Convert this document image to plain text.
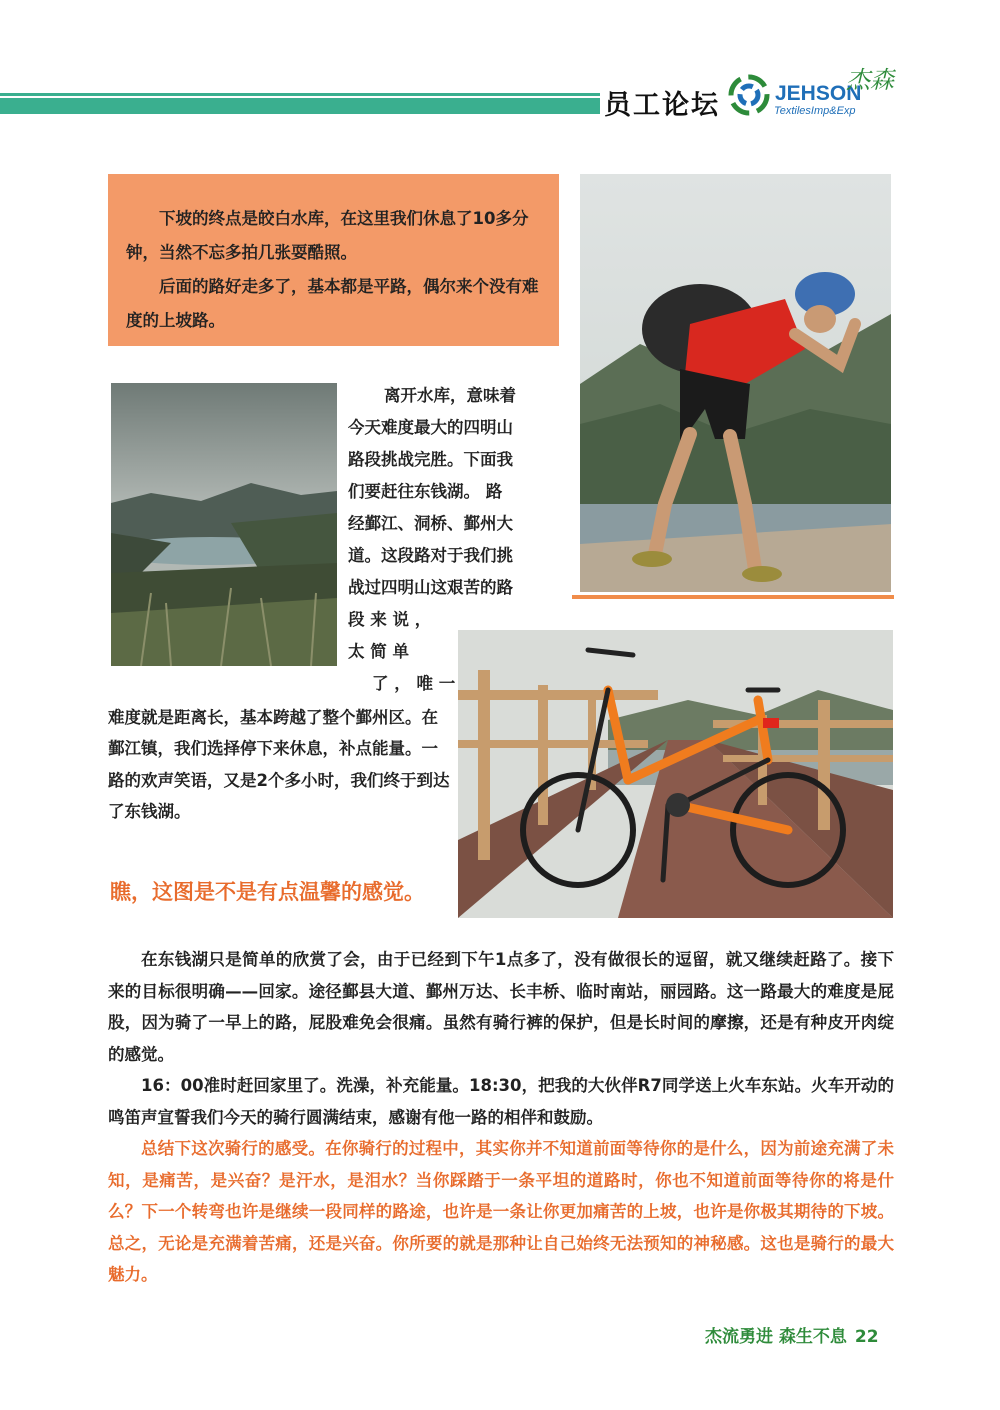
员工论坛	JEHSON
杰森
TextilesImp&Exp

下坡的终点是皎白水库，在这里我们休息了10多分钟，当然不忘多拍几张耍酷照。

后面的路好走多了，基本都是平路，偶尔来个没有难度的上坡路。

离开水库，意味着
今天难度最大的四明山
路段挑战完胜。下面我
们要赶往东钱湖。 路
经鄞江、洞桥、鄞州大
道。这段路对于我们挑
战过四明山这艰苦的路
段 来 说 ，
太 简 单
了 ， 唯 一
难度就是距离长，基本跨越了整个鄞州区。在鄞江镇，我们选择停下来休息，补点能量。一路的欢声笑语，又是2个多小时，我们终于到达了东钱湖。
瞧，这图是不是有点温馨的感觉。

在东钱湖只是简单的欣赏了会，由于已经到下午1点多了，没有做很长的逗留，就又继续赶路了。接下来的目标很明确——回家。途径鄞县大道、鄞州万达、长丰桥、临时南站，丽园路。这一路最大的难度是屁股，因为骑了一早上的路，屁股难免会很痛。虽然有骑行裤的保护，但是长时间的摩擦，还是有种皮开肉绽的感觉。

16：00准时赶回家里了。洗澡，补充能量。18:30，把我的大伙伴R7同学送上火车东站。火车开动的鸣笛声宣誓我们今天的骑行圆满结束，感谢有他一路的相伴和鼓励。

总结下这次骑行的感受。在你骑行的过程中，其实你并不知道前面等待你的是什么，因为前途充满了未知，是痛苦，是兴奋？是汗水，是泪水？当你踩踏于一条平坦的道路时，你也不知道前面等待你的将是什么？下一个转弯也许是继续一段同样的路途，也许是一条让你更加痛苦的上坡，也许是你极其期待的下坡。总之，无论是充满着苦痛，还是兴奋。你所要的就是那种让自己始终无法预知的神秘感。这也是骑行的最大魅力。

杰流勇进 森生不息 22
